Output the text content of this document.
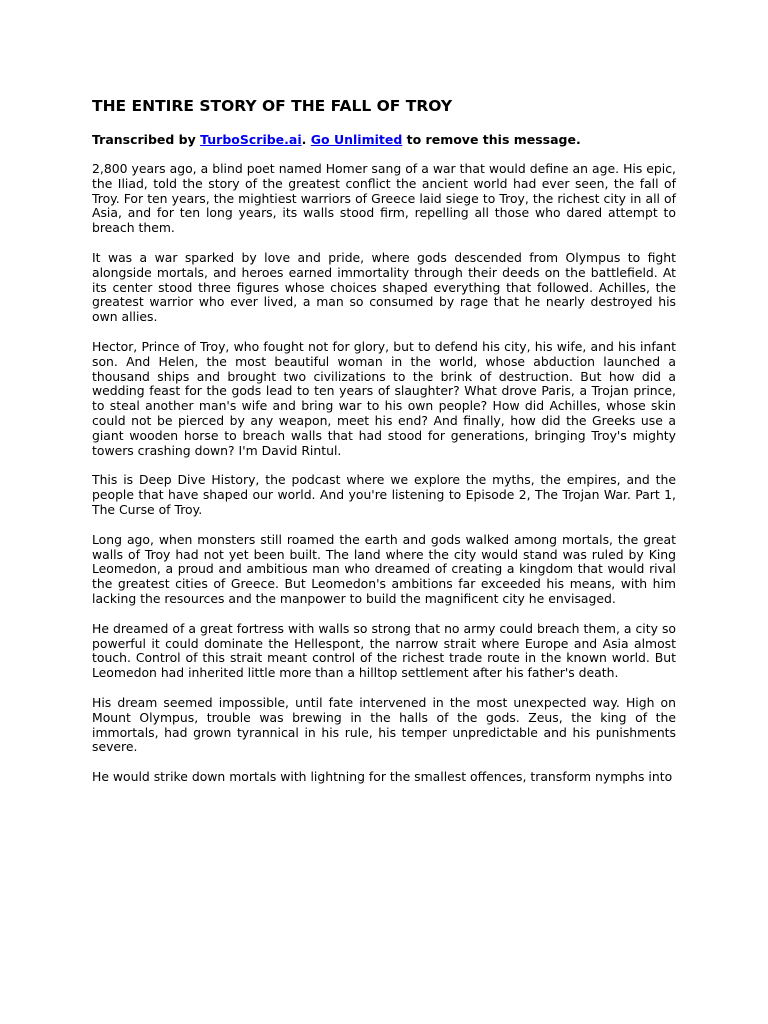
THE ENTIRE STORY OF THE FALL OF TROY

Transcribed by TurboScribe.ai. Go Unlimited to remove this message.

2,800 years ago, a blind poet named Homer sang of a war that would define an age. His epic, the Iliad, told the story of the greatest conflict the ancient world had ever seen, the fall of Troy. For ten years, the mightiest warriors of Greece laid siege to Troy, the richest city in all of Asia, and for ten long years, its walls stood firm, repelling all those who dared attempt to breach them.

It was a war sparked by love and pride, where gods descended from Olympus to fight alongside mortals, and heroes earned immortality through their deeds on the battlefield. At its center stood three figures whose choices shaped everything that followed. Achilles, the greatest warrior who ever lived, a man so consumed by rage that he nearly destroyed his own allies.

Hector, Prince of Troy, who fought not for glory, but to defend his city, his wife, and his infant son. And Helen, the most beautiful woman in the world, whose abduction launched a thousand ships and brought two civilizations to the brink of destruction. But how did a wedding feast for the gods lead to ten years of slaughter? What drove Paris, a Trojan prince, to steal another man's wife and bring war to his own people? How did Achilles, whose skin could not be pierced by any weapon, meet his end? And finally, how did the Greeks use a giant wooden horse to breach walls that had stood for generations, bringing Troy's mighty towers crashing down? I'm David Rintul.

This is Deep Dive History, the podcast where we explore the myths, the empires, and the people that have shaped our world. And you're listening to Episode 2, The Trojan War. Part 1, The Curse of Troy.

Long ago, when monsters still roamed the earth and gods walked among mortals, the great walls of Troy had not yet been built. The land where the city would stand was ruled by King Leomedon, a proud and ambitious man who dreamed of creating a kingdom that would rival the greatest cities of Greece. But Leomedon's ambitions far exceeded his means, with him lacking the resources and the manpower to build the magnificent city he envisaged.

He dreamed of a great fortress with walls so strong that no army could breach them, a city so powerful it could dominate the Hellespont, the narrow strait where Europe and Asia almost touch. Control of this strait meant control of the richest trade route in the known world. But Leomedon had inherited little more than a hilltop settlement after his father's death.

His dream seemed impossible, until fate intervened in the most unexpected way. High on Mount Olympus, trouble was brewing in the halls of the gods. Zeus, the king of the immortals, had grown tyrannical in his rule, his temper unpredictable and his punishments severe.

He would strike down mortals with lightning for the smallest offences, transform nymphs into
